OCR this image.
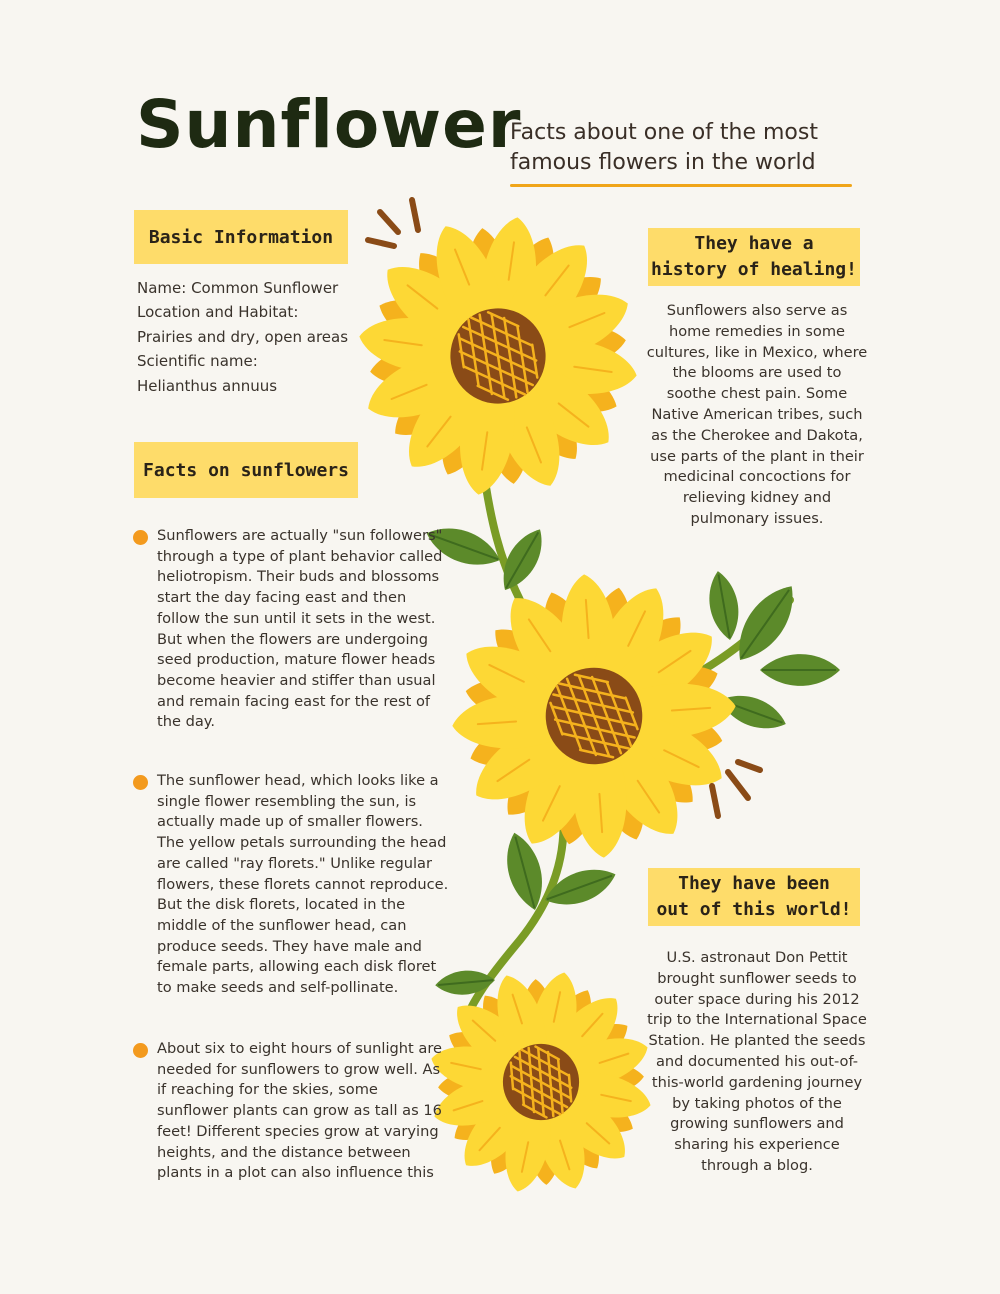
Sunflower

Facts about one of the most famous flowers in the world

Basic Information
Name: Common Sunflower
Location and Habitat:
Prairies and dry, open areas
Scientific name:
Helianthus annuus
Facts on sunflowers
Sunflowers are actually "sun followers" through a type of plant behavior called heliotropism. Their buds and blossoms start the day facing east and then follow the sun until it sets in the west. But when the flowers are undergoing seed production, mature flower heads become heavier and stiffer than usual and remain facing east for the rest of the day.
The sunflower head, which looks like a single flower resembling the sun, is actually made up of smaller flowers. The yellow petals surrounding the head are called "ray florets." Unlike regular flowers, these florets cannot reproduce. But the disk florets, located in the middle of the sunflower head, can produce seeds. They have male and female parts, allowing each disk floret to make seeds and self-pollinate.
About six to eight hours of sunlight are needed for sunflowers to grow well. As if reaching for the skies, some sunflower plants can grow as tall as 16 feet! Different species grow at varying heights, and the distance between plants in a plot can also influence this
They have a
history of healing!
Sunflowers also serve as home remedies in some cultures, like in Mexico, where the blooms are used to soothe chest pain. Some Native American tribes, such as the Cherokee and Dakota, use parts of the plant in their medicinal concoctions for relieving kidney and pulmonary issues.
They have been
out of this world!
U.S. astronaut Don Pettit brought sunflower seeds to outer space during his 2012 trip to the International Space Station. He planted the seeds and documented his out-of-this-world gardening journey by taking photos of the growing sunflowers and sharing his experience through a blog.
